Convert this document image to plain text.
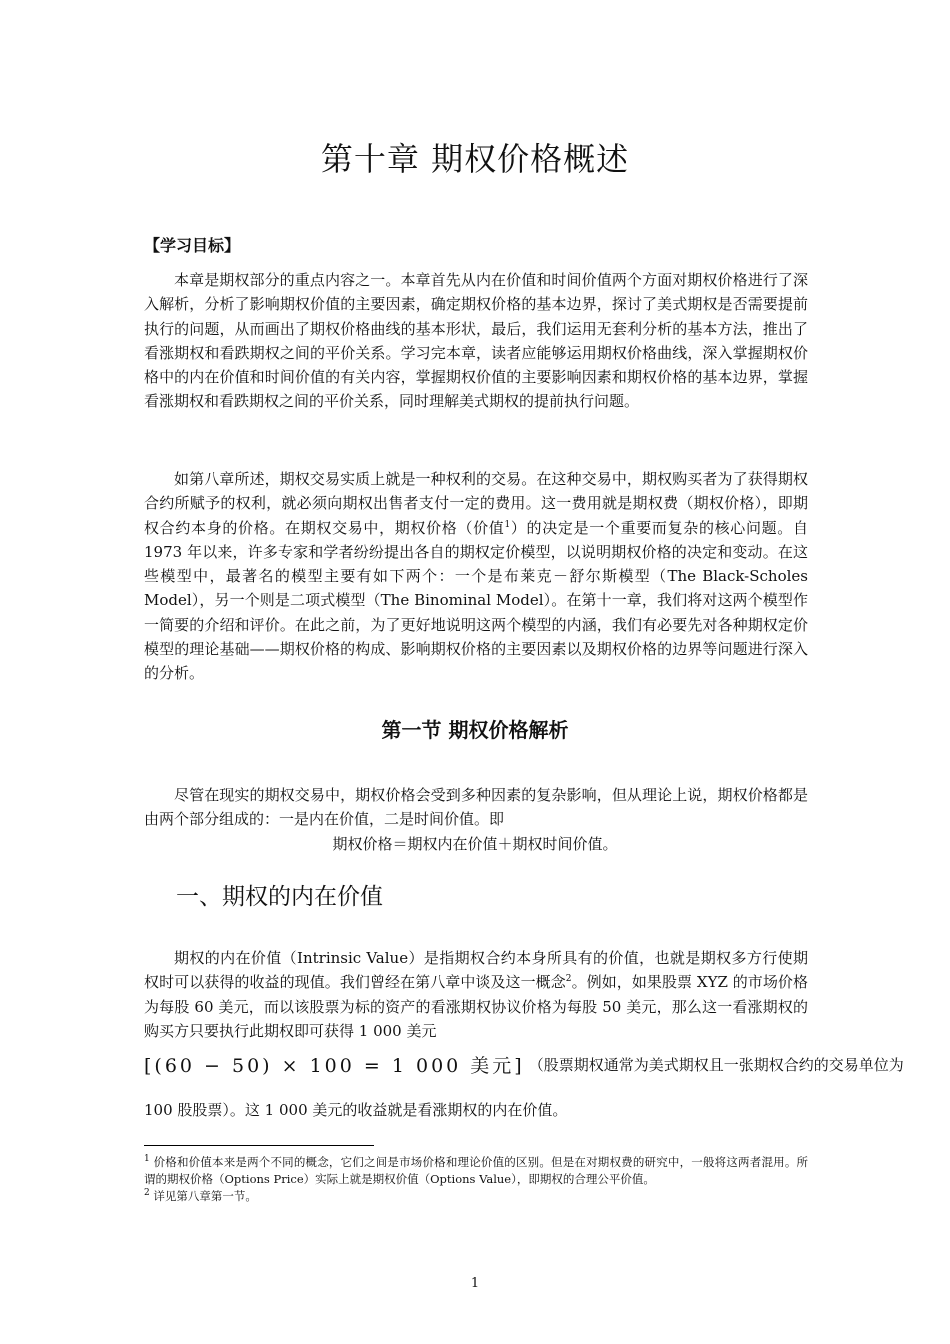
第十章 期权价格概述
【学习目标】

本章是期权部分的重点内容之一。本章首先从内在价值和时间价值两个方面对期权价格进行了深入解析，分析了影响期权价值的主要因素，确定期权价格的基本边界，探讨了美式期权是否需要提前执行的问题，从而画出了期权价格曲线的基本形状，最后，我们运用无套利分析的基本方法，推出了看涨期权和看跌期权之间的平价关系。学习完本章，读者应能够运用期权价格曲线，深入掌握期权价格中的内在价值和时间价值的有关内容，掌握期权价值的主要影响因素和期权价格的基本边界，掌握看涨期权和看跌期权之间的平价关系，同时理解美式期权的提前执行问题。

如第八章所述，期权交易实质上就是一种权利的交易。在这种交易中，期权购买者为了获得期权合约所赋予的权利，就必须向期权出售者支付一定的费用。这一费用就是期权费（期权价格），即期权合约本身的价格。在期权交易中，期权价格（价值$^1$）的决定是一个重要而复杂的核心问题。自 1973 年以来，许多专家和学者纷纷提出各自的期权定价模型，以说明期权价格的决定和变动。在这些模型中，最著名的模型主要有如下两个：一个是布莱克－舒尔斯模型（The Black-Scholes Model），另一个则是二项式模型（The Binominal Model）。在第十一章，我们将对这两个模型作一简要的介绍和评价。在此之前，为了更好地说明这两个模型的内涵，我们有必要先对各种期权定价模型的理论基础——期权价格的构成、影响期权价格的主要因素以及期权价格的边界等问题进行深入的分析。

第一节 期权价格解析

尽管在现实的期权交易中，期权价格会受到多种因素的复杂影响，但从理论上说，期权价格都是由两个部分组成的：一是内在价值，二是时间价值。即

期权价格＝期权内在价值＋期权时间价值。
一、期权的内在价值

期权的内在价值（Intrinsic Value）是指期权合约本身所具有的价值，也就是期权多方行使期权时可以获得的收益的现值。我们曾经在第八章中谈及这一概念$^2$。例如，如果股票 XYZ 的市场价格为每股 60 美元，而以该股票为标的资产的看涨期权协议价格为每股 50 美元，那么这一看涨期权的购买方只要执行此期权即可获得 1 000 美元

[(60 − 50) × 100 = 1 000 美元] （股票期权通常为美式期权且一张期权合约的交易单位为
100 股股票）。这 1 000 美元的收益就是看涨期权的内在价值。

$^1$ 价格和价值本来是两个不同的概念，它们之间是市场价格和理论价值的区别。但是在对期权费的研究中，一般将这两者混用。所谓的期权价格（Options Price）实际上就是期权价值（Options Value），即期权的合理公平价值。

$^2$ 详见第八章第一节。

1
